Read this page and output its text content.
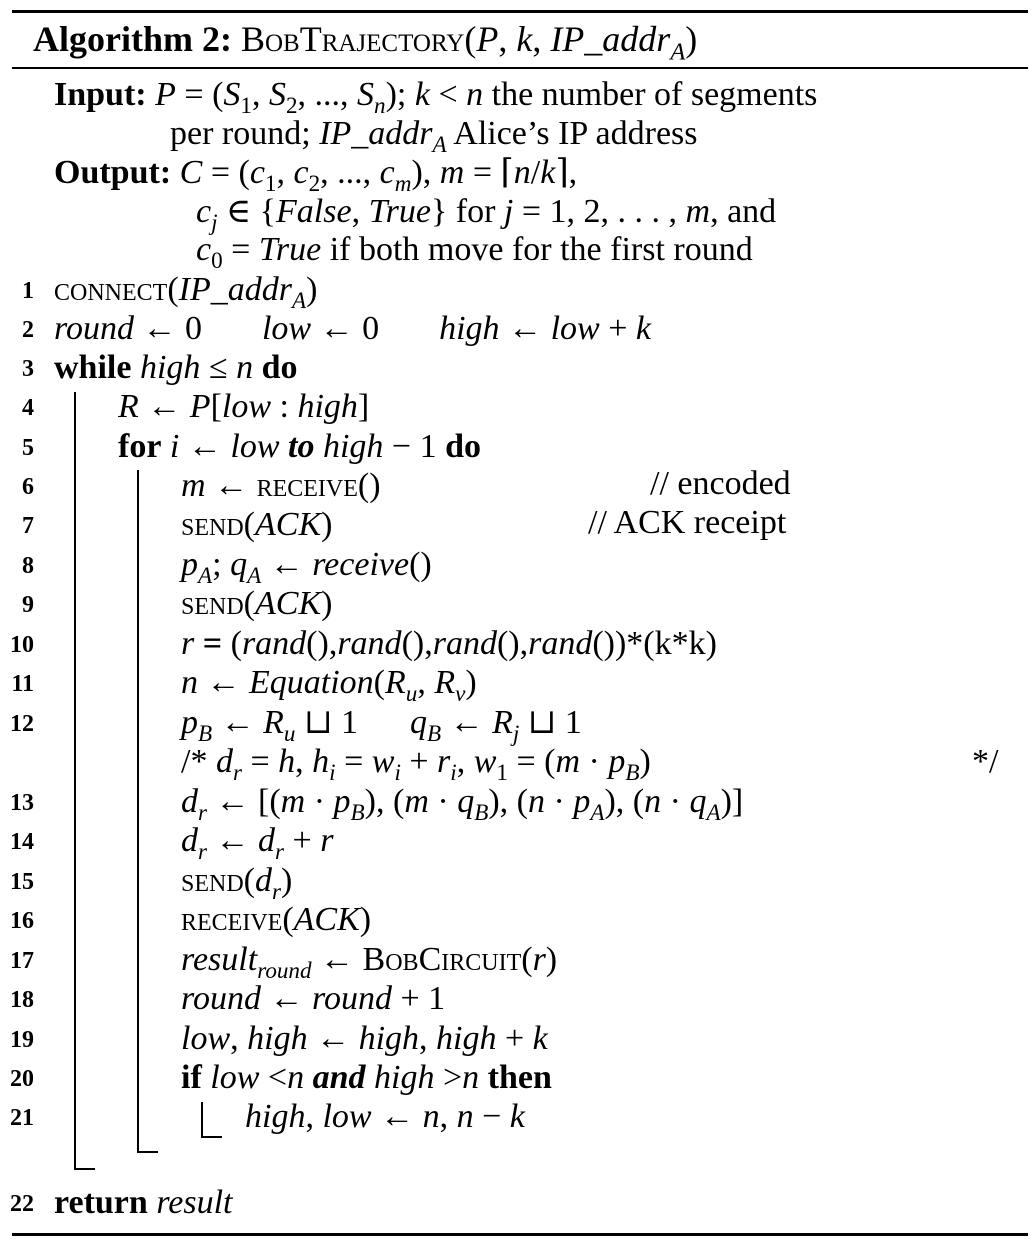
Algorithm 2: BobTrajectory(P, k, IP_addr$_A$)
Input: $P = (S_1$, $S_2$, ..., $S_n$); k < n the number of segments
per round; IP_addr$_A$ Alice’s IP address
Output: $C = (c_1$, $c_2$, ..., $c_m$), m = ⌈n/k⌉,
$c_j$ ∈ {False, True} for j = 1, 2, . . . , m, and
$c_0$ = True if both move for the first round
1 connect(IP_addr$_A$)
2 round ← 0 low ← 0 high ← low + k
3 while high ≤ n do
4 R ← P[low : high]
5 for i ← low to high − 1 do
6	m ← receive()	// encoded
7	send(ACK)	// ACK receipt
8	$p_A$; $q_A$ ← receive()
9	send(ACK)
10	r = (rand(),rand(),rand(),rand())*(k*k)
11	n ← $Equation(R_u$, $R_v$)
12	$p_B$ ← $R_u$ ⊔ 1 $q_B$ ← $R_j$ ⊔ 1
/* $d_r = h$, $h_i = w_i + r_i$, $w_1 = (m \cdot p_B)$	*/
13	$d_r$ ← [$(m \cdot p_B)$, $(m \cdot q_B)$, $(n \cdot p_A)$, $(n \cdot q_A)$]
14	$d_r$ ← $d_r + r$
15	$send(d_r)$
16	receive(ACK)
17	result$_{round}$ ← BobCircuit(r)
18	round ← round + 1
19	low, high ← high, high + k
20	if low <n and high >n then
21	high, low ← n, n − k
22 return result
